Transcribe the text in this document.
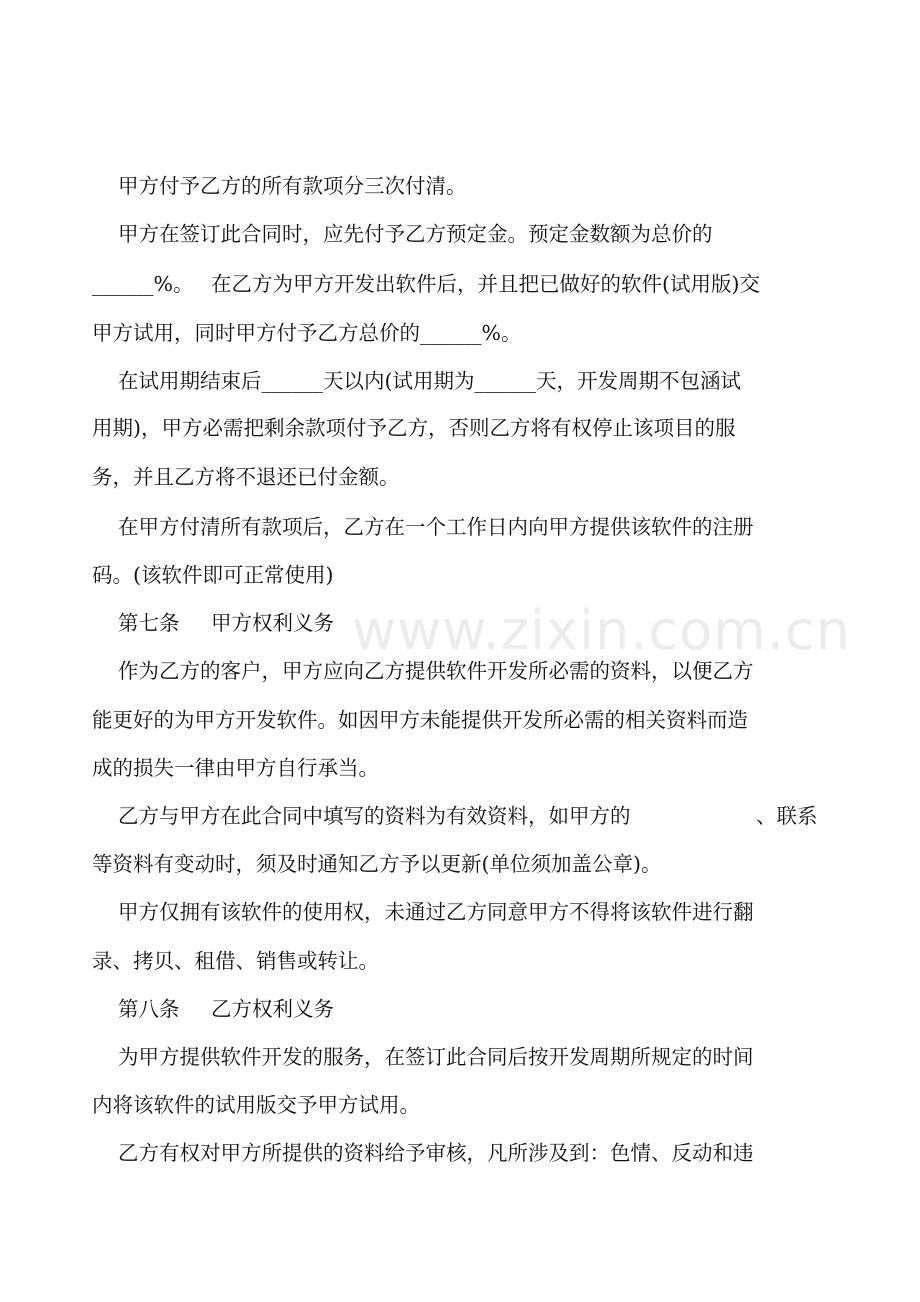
www.zixin.com.cn
甲方付予乙方的所有款项分三次付清。
甲方在签订此合同时，应先付予乙方预定金。预定金数额为总价的
______%。 在乙方为甲方开发出软件后，并且把已做好的软件(试用版)交
甲方试用，同时甲方付予乙方总价的______%。
在试用期结束后______天以内(试用期为______天，开发周期不包涵试
用期)，甲方必需把剩余款项付予乙方，否则乙方将有权停止该项目的服
务，并且乙方将不退还已付金额。
在甲方付清所有款项后，乙方在一个工作日内向甲方提供该软件的注册
码。(该软件即可正常使用)
第七条 甲方权利义务
作为乙方的客户，甲方应向乙方提供软件开发所必需的资料，以便乙方
能更好的为甲方开发软件。如因甲方未能提供开发所必需的相关资料而造
成的损失一律由甲方自行承当。
乙方与甲方在此合同中填写的资料为有效资料，如甲方的	、联系
等资料有变动时，须及时通知乙方予以更新(单位须加盖公章)。
甲方仅拥有该软件的使用权，未通过乙方同意甲方不得将该软件进行翻
录、拷贝、租借、销售或转让。
第八条 乙方权利义务
为甲方提供软件开发的服务，在签订此合同后按开发周期所规定的时间
内将该软件的试用版交予甲方试用。
乙方有权对甲方所提供的资料给予审核，凡所涉及到：色情、反动和违
